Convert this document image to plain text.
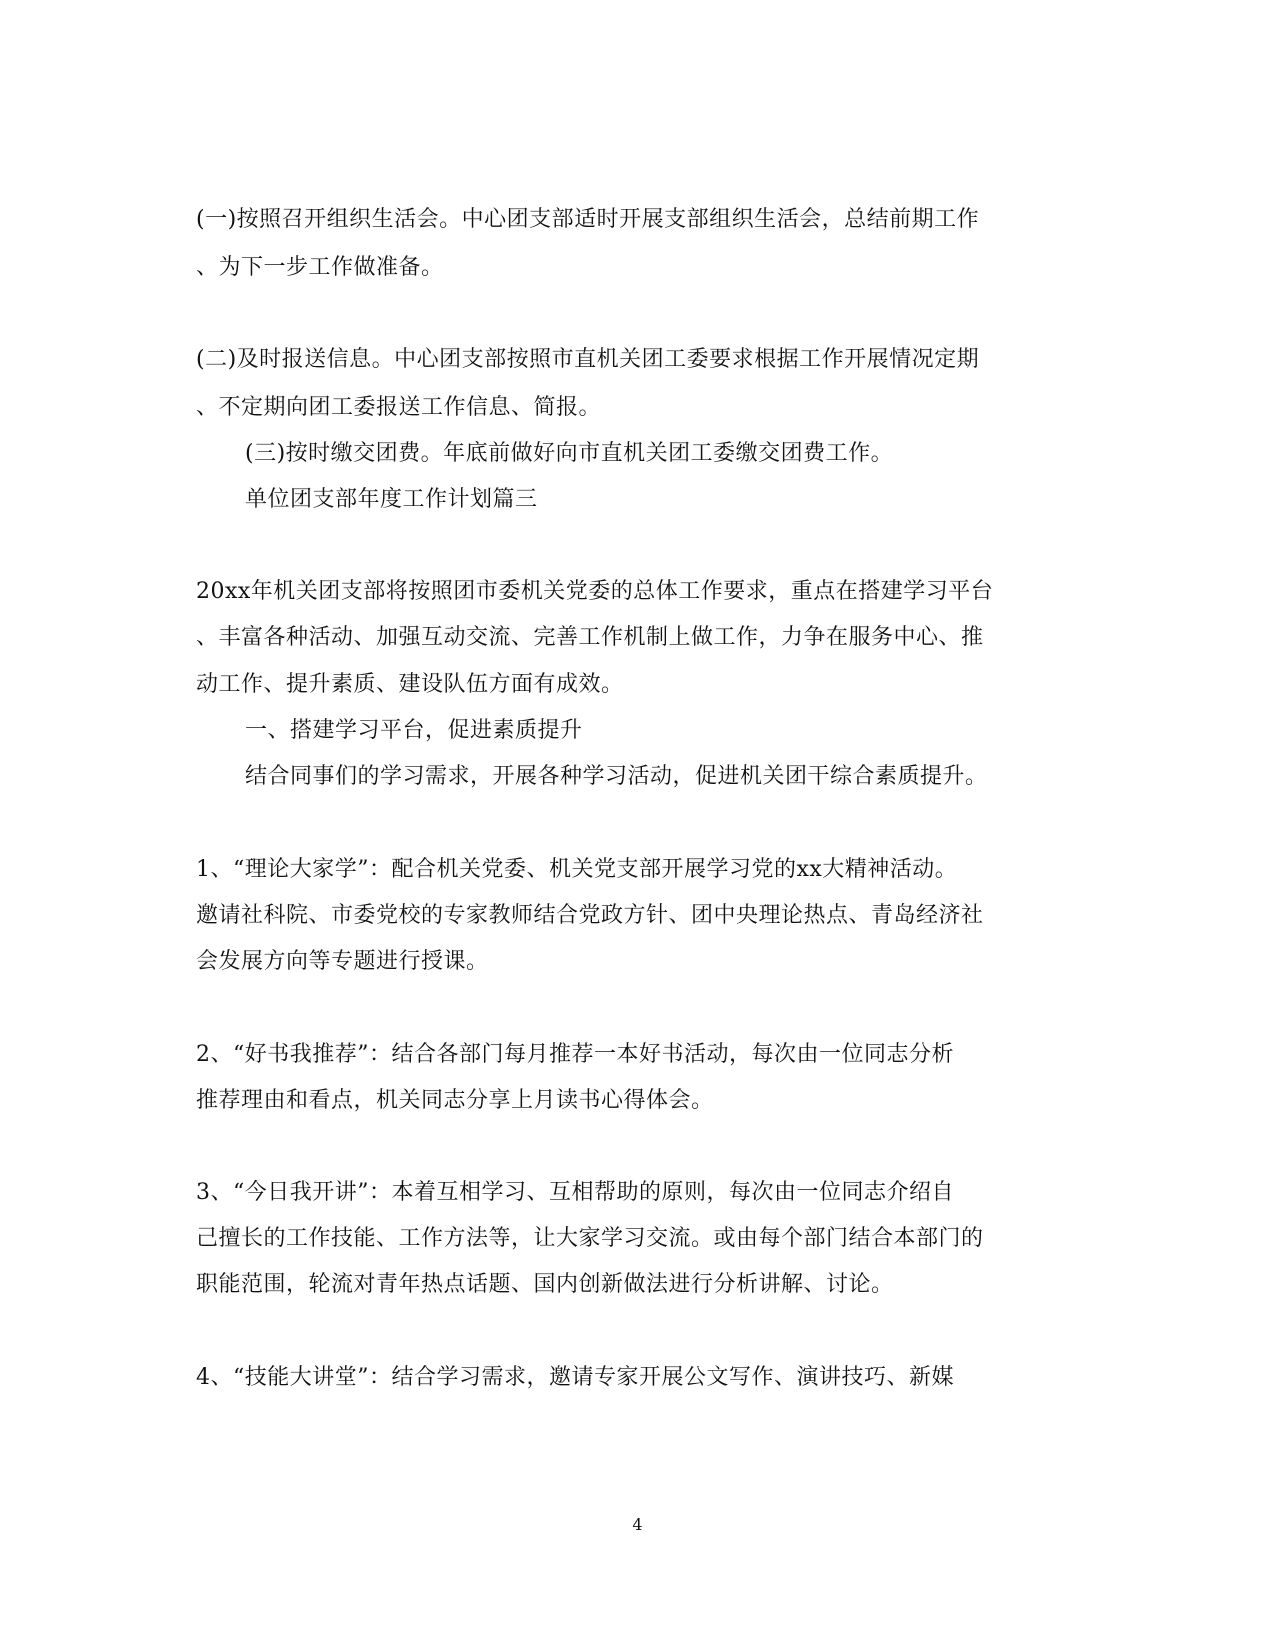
(一)按照召开组织生活会。中心团支部适时开展支部组织生活会，总结前期工作
、为下一步工作做准备。
(二)及时报送信息。中心团支部按照市直机关团工委要求根据工作开展情况定期
、不定期向团工委报送工作信息、简报。
(三)按时缴交团费。年底前做好向市直机关团工委缴交团费工作。
单位团支部年度工作计划篇三
20xx年机关团支部将按照团市委机关党委的总体工作要求，重点在搭建学习平台
、丰富各种活动、加强互动交流、完善工作机制上做工作，力争在服务中心、推
动工作、提升素质、建设队伍方面有成效。
一、搭建学习平台，促进素质提升
结合同事们的学习需求，开展各种学习活动，促进机关团干综合素质提升。
1、“理论大家学”：配合机关党委、机关党支部开展学习党的xx大精神活动。
邀请社科院、市委党校的专家教师结合党政方针、团中央理论热点、青岛经济社
会发展方向等专题进行授课。
2、“好书我推荐”：结合各部门每月推荐一本好书活动，每次由一位同志分析
推荐理由和看点，机关同志分享上月读书心得体会。
3、“今日我开讲”：本着互相学习、互相帮助的原则，每次由一位同志介绍自
己擅长的工作技能、工作方法等，让大家学习交流。或由每个部门结合本部门的
职能范围，轮流对青年热点话题、国内创新做法进行分析讲解、讨论。
4、“技能大讲堂”：结合学习需求，邀请专家开展公文写作、演讲技巧、新媒
4
